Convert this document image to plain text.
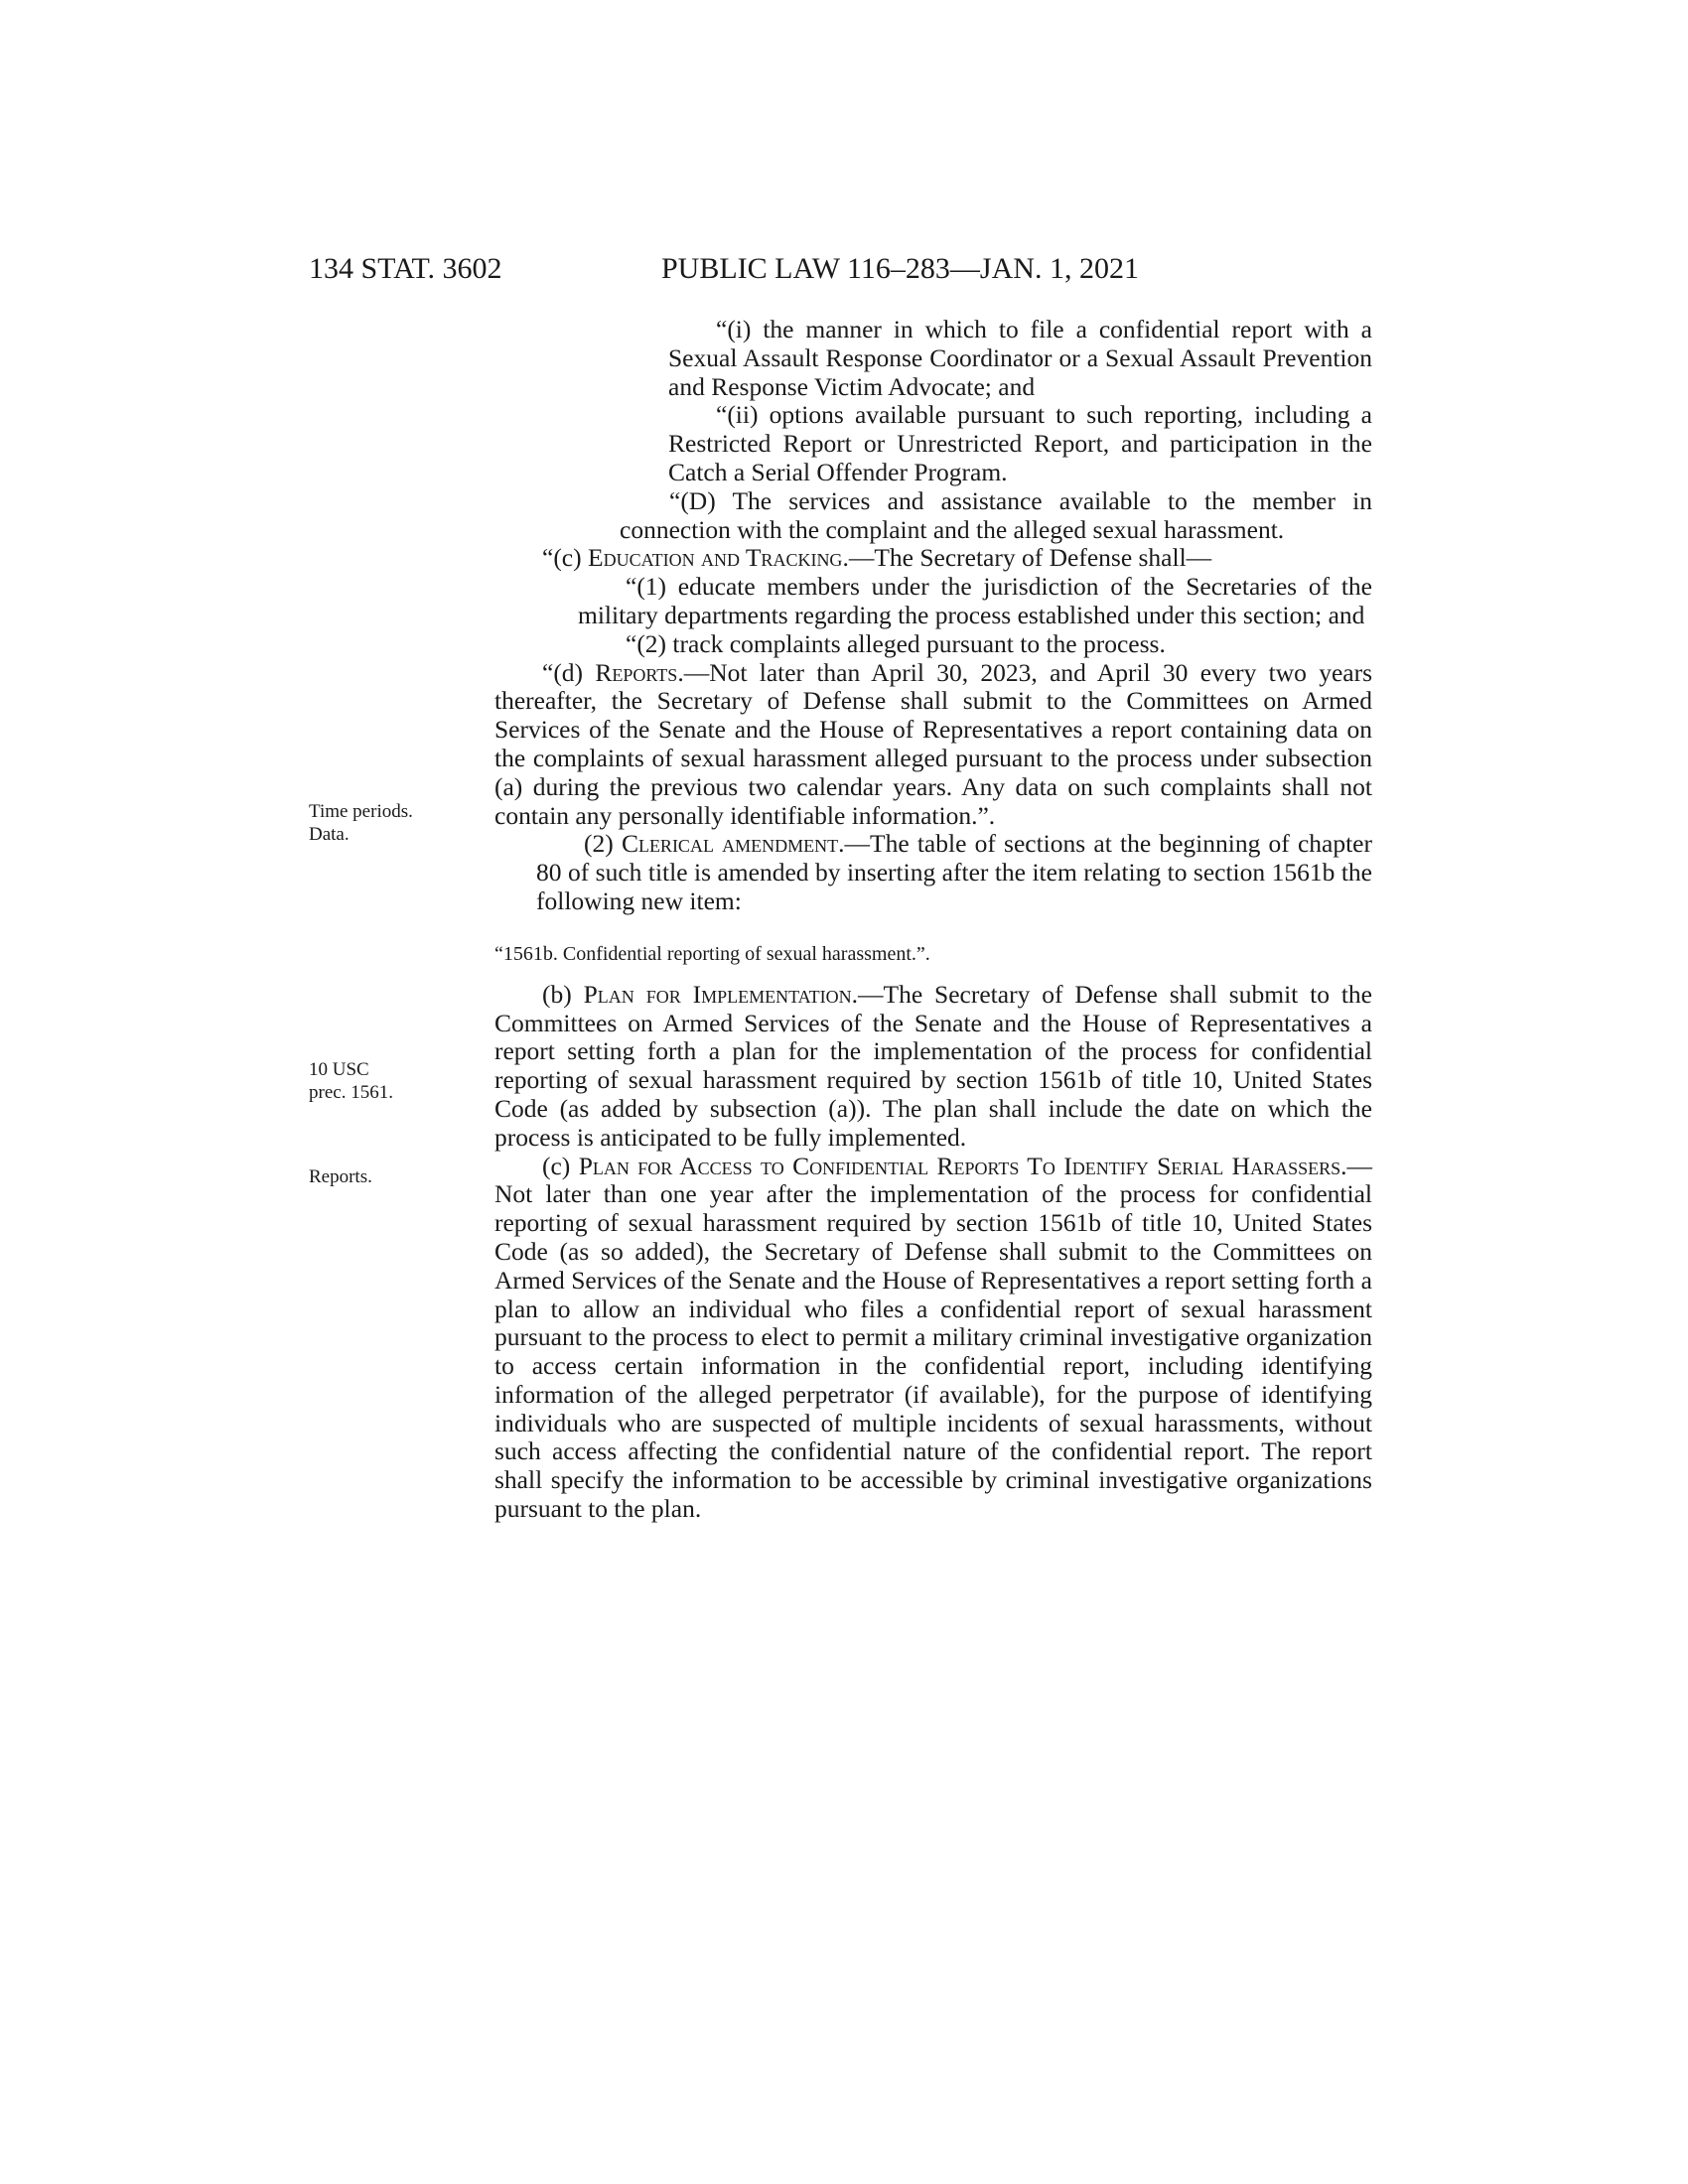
134 STAT. 3602	PUBLIC LAW 116–283—JAN. 1, 2021
Time periods.
Data.
10 USC
prec. 1561.
Reports.

“(i) the manner in which to file a confidential report with a Sexual Assault Response Coordinator or a Sexual Assault Prevention and Response Victim Advocate; and

“(ii) options available pursuant to such reporting, including a Restricted Report or Unrestricted Report, and participation in the Catch a Serial Offender Program.

“(D) The services and assistance available to the member in connection with the complaint and the alleged sexual harassment.

“(c) Education and Tracking.—The Secretary of Defense shall—

“(1) educate members under the jurisdiction of the Secretaries of the military departments regarding the process established under this section; and

“(2) track complaints alleged pursuant to the process.

“(d) Reports.—Not later than April 30, 2023, and April 30 every two years thereafter, the Secretary of Defense shall submit to the Committees on Armed Services of the Senate and the House of Representatives a report containing data on the complaints of sexual harassment alleged pursuant to the process under subsection (a) during the previous two calendar years. Any data on such complaints shall not contain any personally identifiable information.”.

(2) Clerical amendment.—The table of sections at the beginning of chapter 80 of such title is amended by inserting after the item relating to section 1561b the following new item:

“1561b. Confidential reporting of sexual harassment.”.

(b) Plan for Implementation.—The Secretary of Defense shall submit to the Committees on Armed Services of the Senate and the House of Representatives a report setting forth a plan for the implementation of the process for confidential reporting of sexual harassment required by section 1561b of title 10, United States Code (as added by subsection (a)). The plan shall include the date on which the process is anticipated to be fully implemented.

(c) Plan for Access to Confidential Reports To Identify Serial Harassers.—Not later than one year after the implementation of the process for confidential reporting of sexual harassment required by section 1561b of title 10, United States Code (as so added), the Secretary of Defense shall submit to the Committees on Armed Services of the Senate and the House of Representatives a report setting forth a plan to allow an individual who files a confidential report of sexual harassment pursuant to the process to elect to permit a military criminal investigative organization to access certain information in the confidential report, including identifying information of the alleged perpetrator (if available), for the purpose of identifying individuals who are suspected of multiple incidents of sexual harassments, without such access affecting the confidential nature of the confidential report. The report shall specify the information to be accessible by criminal investigative organizations pursuant to the plan.
